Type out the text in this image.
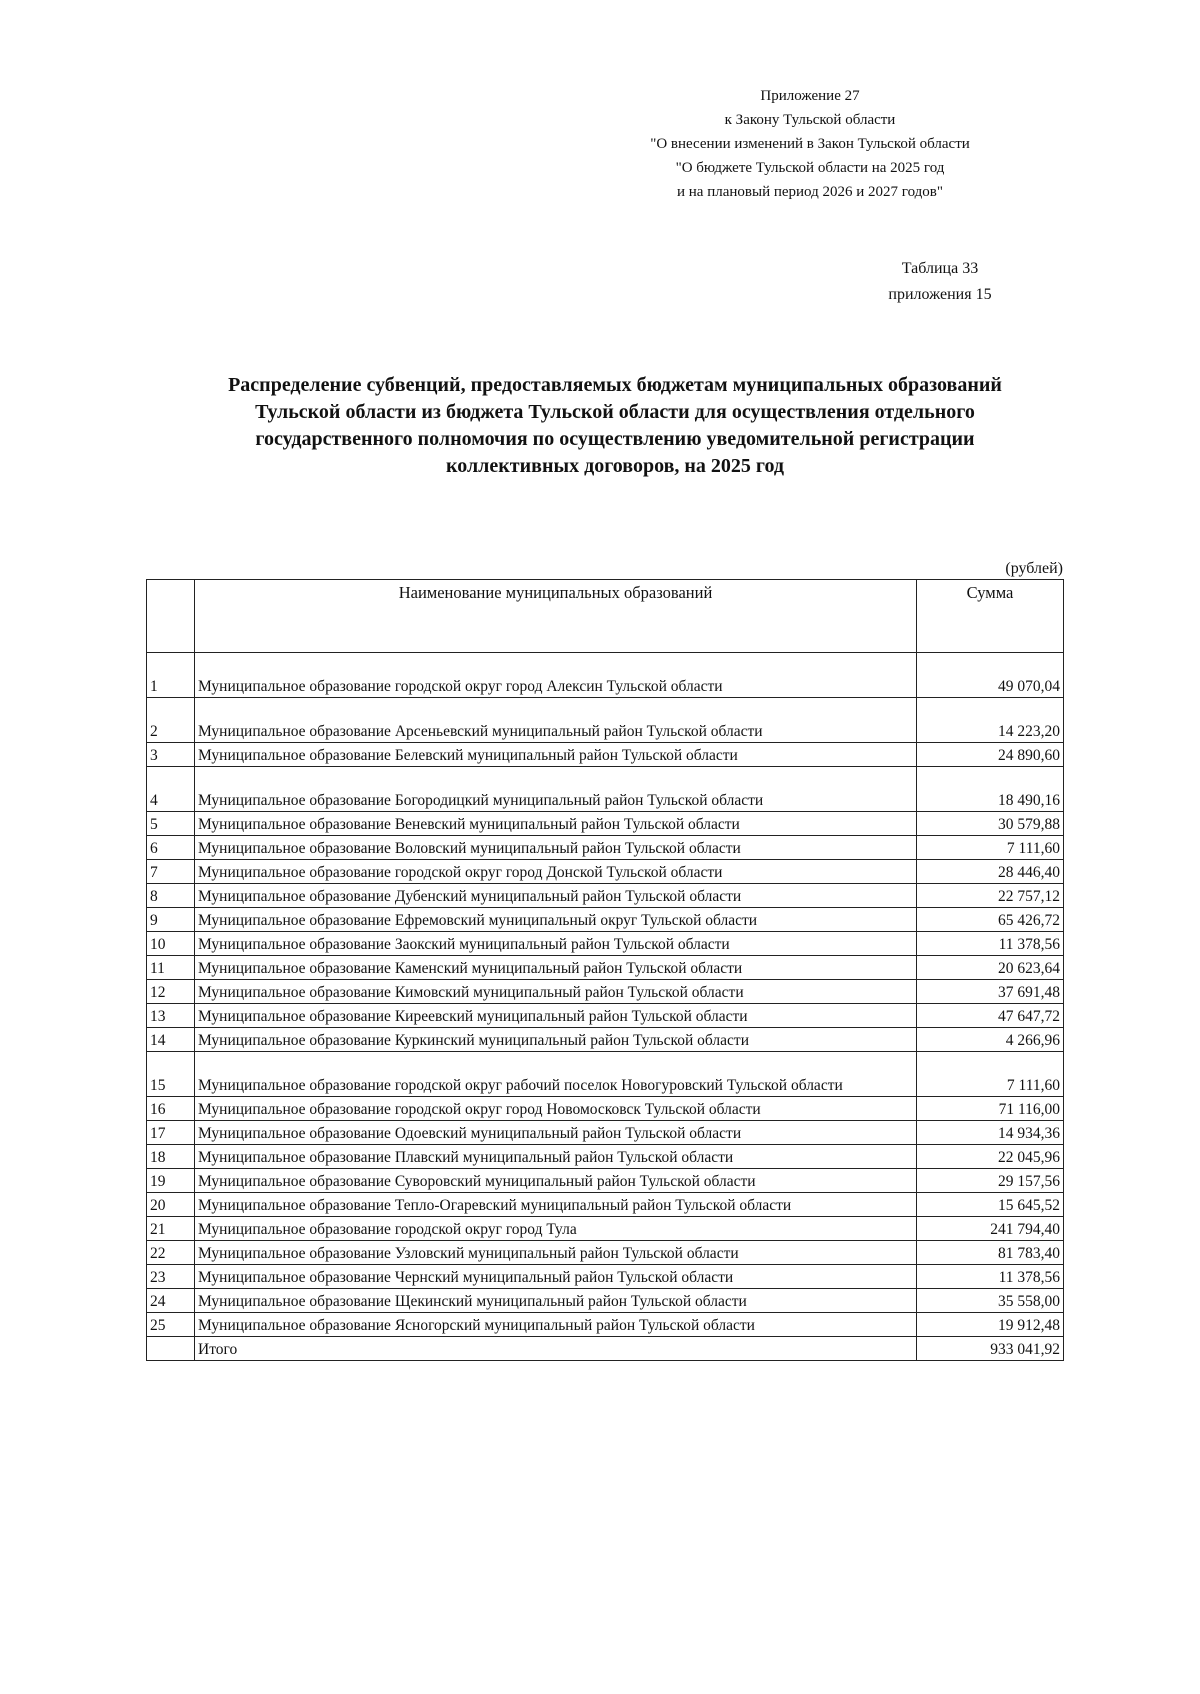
Приложение 27
к Закону Тульской области
"О внесении изменений в Закон Тульской области
"О бюджете Тульской области на 2025 год
и на плановый период 2026 и 2027 годов"
Таблица 33
приложения 15
Распределение субвенций, предоставляемых бюджетам муниципальных образований
Тульской области из бюджета Тульской области для осуществления отдельного
государственного полномочия по осуществлению уведомительной регистрации
коллективных договоров, на 2025 год
(рублей)
	Наименование муниципальных образований	Сумма
1	Муниципальное образование городской округ город Алексин Тульской области	49 070,04
2	Муниципальное образование Арсеньевский муниципальный район Тульской области	14 223,20
3	Муниципальное образование Белевский муниципальный район Тульской области	24 890,60
4	Муниципальное образование Богородицкий муниципальный район Тульской области	18 490,16
5	Муниципальное образование Веневский муниципальный район Тульской области	30 579,88
6	Муниципальное образование Воловский муниципальный район Тульской области	7 111,60
7	Муниципальное образование городской округ город Донской Тульской области	28 446,40
8	Муниципальное образование Дубенский муниципальный район Тульской области	22 757,12
9	Муниципальное образование Ефремовский муниципальный округ Тульской области	65 426,72
10	Муниципальное образование Заокский муниципальный район Тульской области	11 378,56
11	Муниципальное образование Каменский муниципальный район Тульской области	20 623,64
12	Муниципальное образование Кимовский муниципальный район Тульской области	37 691,48
13	Муниципальное образование Киреевский муниципальный район Тульской области	47 647,72
14	Муниципальное образование Куркинский муниципальный район Тульской области	4 266,96
15	Муниципальное образование городской округ рабочий поселок Новогуровский Тульской области	7 111,60
16	Муниципальное образование городской округ город Новомосковск Тульской области	71 116,00
17	Муниципальное образование Одоевский муниципальный район Тульской области	14 934,36
18	Муниципальное образование Плавский муниципальный район Тульской области	22 045,96
19	Муниципальное образование Суворовский муниципальный район Тульской области	29 157,56
20	Муниципальное образование Тепло-Огаревский муниципальный район Тульской области	15 645,52
21	Муниципальное образование городской округ город Тула	241 794,40
22	Муниципальное образование Узловский муниципальный район Тульской области	81 783,40
23	Муниципальное образование Чернский муниципальный район Тульской области	11 378,56
24	Муниципальное образование Щекинский муниципальный район Тульской области	35 558,00
25	Муниципальное образование Ясногорский муниципальный район Тульской области	19 912,48
	Итого	933 041,92
